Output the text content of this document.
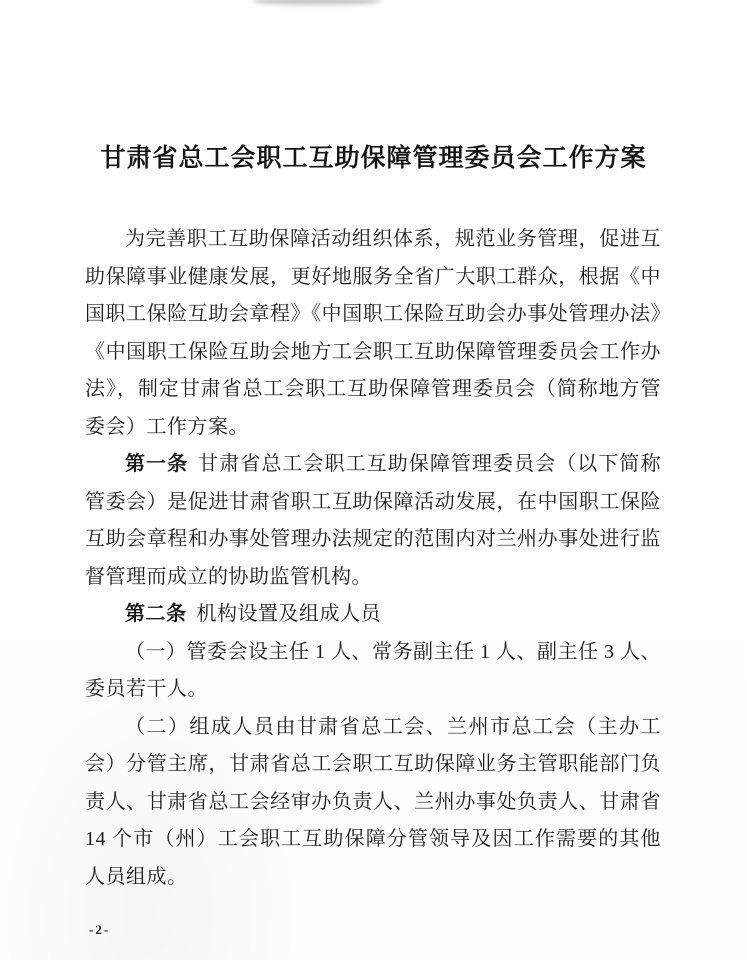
甘肃省总工会职工互助保障管理委员会工作方案

为完善职工互助保障活动组织体系，规范业务管理，促进互助保障事业健康发展，更好地服务全省广大职工群众，根据《中国职工保险互助会章程》《中国职工保险互助会办事处管理办法》《中国职工保险互助会地方工会职工互助保障管理委员会工作办法》，制定甘肃省总工会职工互助保障管理委员会（简称地方管委会）工作方案。

第一条 甘肃省总工会职工互助保障管理委员会（以下简称管委会）是促进甘肃省职工互助保障活动发展，在中国职工保险互助会章程和办事处管理办法规定的范围内对兰州办事处进行监督管理而成立的协助监管机构。

第二条 机构设置及组成人员

（一）管委会设主任 1 人、常务副主任 1 人、副主任 3 人、委员若干人。

（二）组成人员由甘肃省总工会、兰州市总工会（主办工会）分管主席，甘肃省总工会职工互助保障业务主管职能部门负责人、甘肃省总工会经审办负责人、兰州办事处负责人、甘肃省 14 个市（州）工会职工互助保障分管领导及因工作需要的其他人员组成。

-2-
